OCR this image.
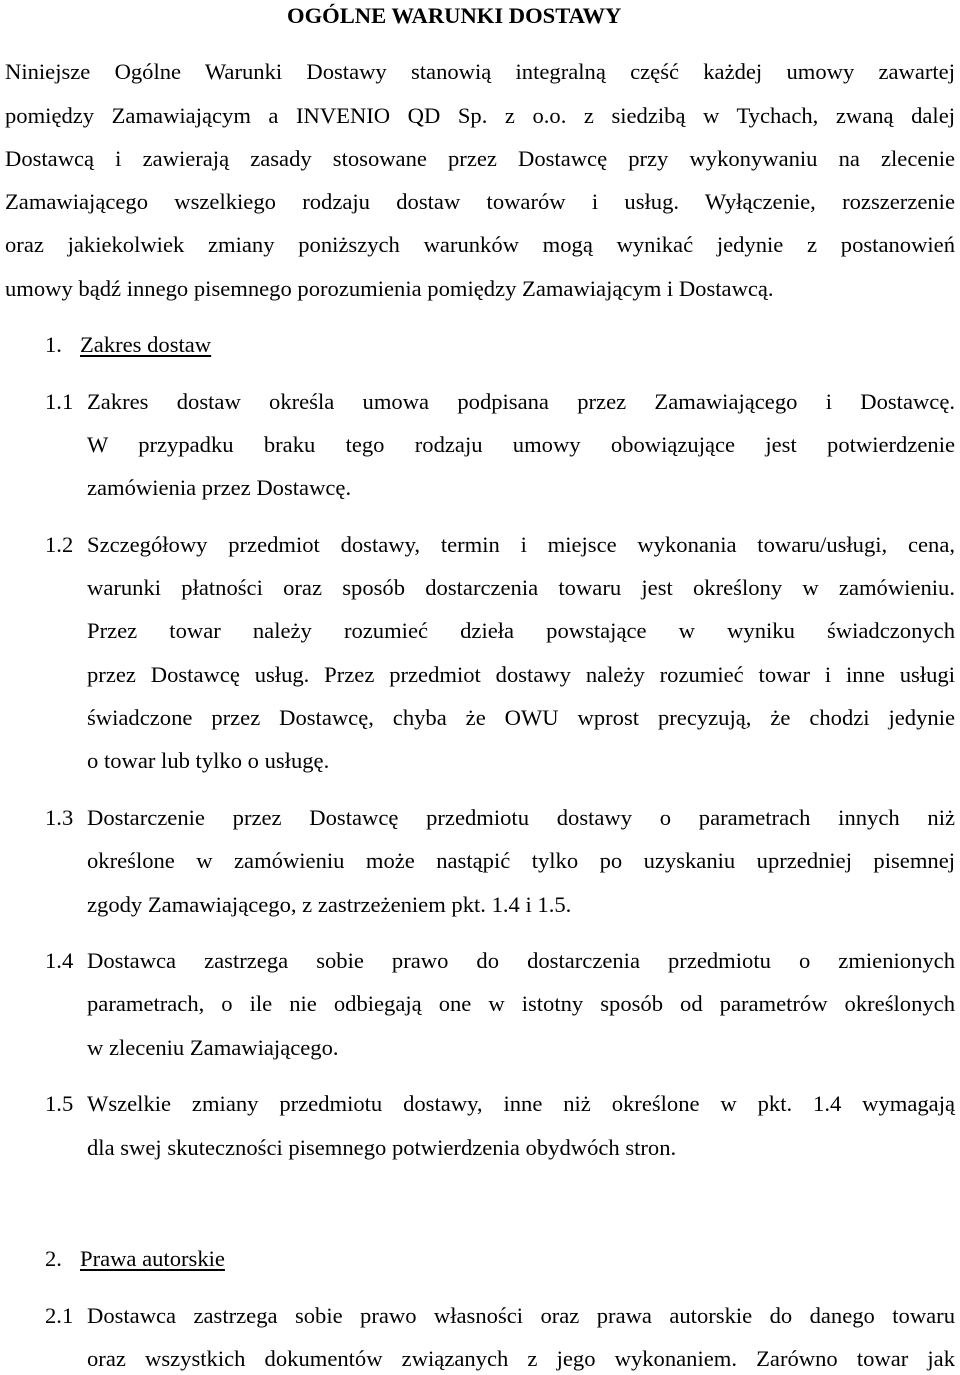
OGÓLNE WARUNKI DOSTAWY
Niniejsze Ogólne Warunki Dostawy stanowią integralną część każdej umowy zawartej
pomiędzy Zamawiającym a INVENIO QD Sp. z o.o. z siedzibą w Tychach, zwaną dalej
Dostawcą i zawierają zasady stosowane przez Dostawcę przy wykonywaniu na zlecenie
Zamawiającego wszelkiego rodzaju dostaw towarów i usług. Wyłączenie, rozszerzenie
oraz jakiekolwiek zmiany poniższych warunków mogą wynikać jedynie z postanowień
umowy bądź innego pisemnego porozumienia pomiędzy Zamawiającym i Dostawcą.
1. Zakres dostaw
1.1 Zakres dostaw określa umowa podpisana przez Zamawiającego i Dostawcę.
W przypadku braku tego rodzaju umowy obowiązujące jest potwierdzenie
zamówienia przez Dostawcę.
1.2 Szczegółowy przedmiot dostawy, termin i miejsce wykonania towaru/usługi, cena,
warunki płatności oraz sposób dostarczenia towaru jest określony w zamówieniu.
Przez towar należy rozumieć dzieła powstające w wyniku świadczonych
przez Dostawcę usług. Przez przedmiot dostawy należy rozumieć towar i inne usługi
świadczone przez Dostawcę, chyba że OWU wprost precyzują, że chodzi jedynie
o towar lub tylko o usługę.
1.3 Dostarczenie przez Dostawcę przedmiotu dostawy o parametrach innych niż
określone w zamówieniu może nastąpić tylko po uzyskaniu uprzedniej pisemnej
zgody Zamawiającego, z zastrzeżeniem pkt. 1.4 i 1.5.
1.4 Dostawca zastrzega sobie prawo do dostarczenia przedmiotu o zmienionych
parametrach, o ile nie odbiegają one w istotny sposób od parametrów określonych
w zleceniu Zamawiającego.
1.5 Wszelkie zmiany przedmiotu dostawy, inne niż określone w pkt. 1.4 wymagają
dla swej skuteczności pisemnego potwierdzenia obydwóch stron.
2. Prawa autorskie
2.1 Dostawca zastrzega sobie prawo własności oraz prawa autorskie do danego towaru
oraz wszystkich dokumentów związanych z jego wykonaniem. Zarówno towar jak
